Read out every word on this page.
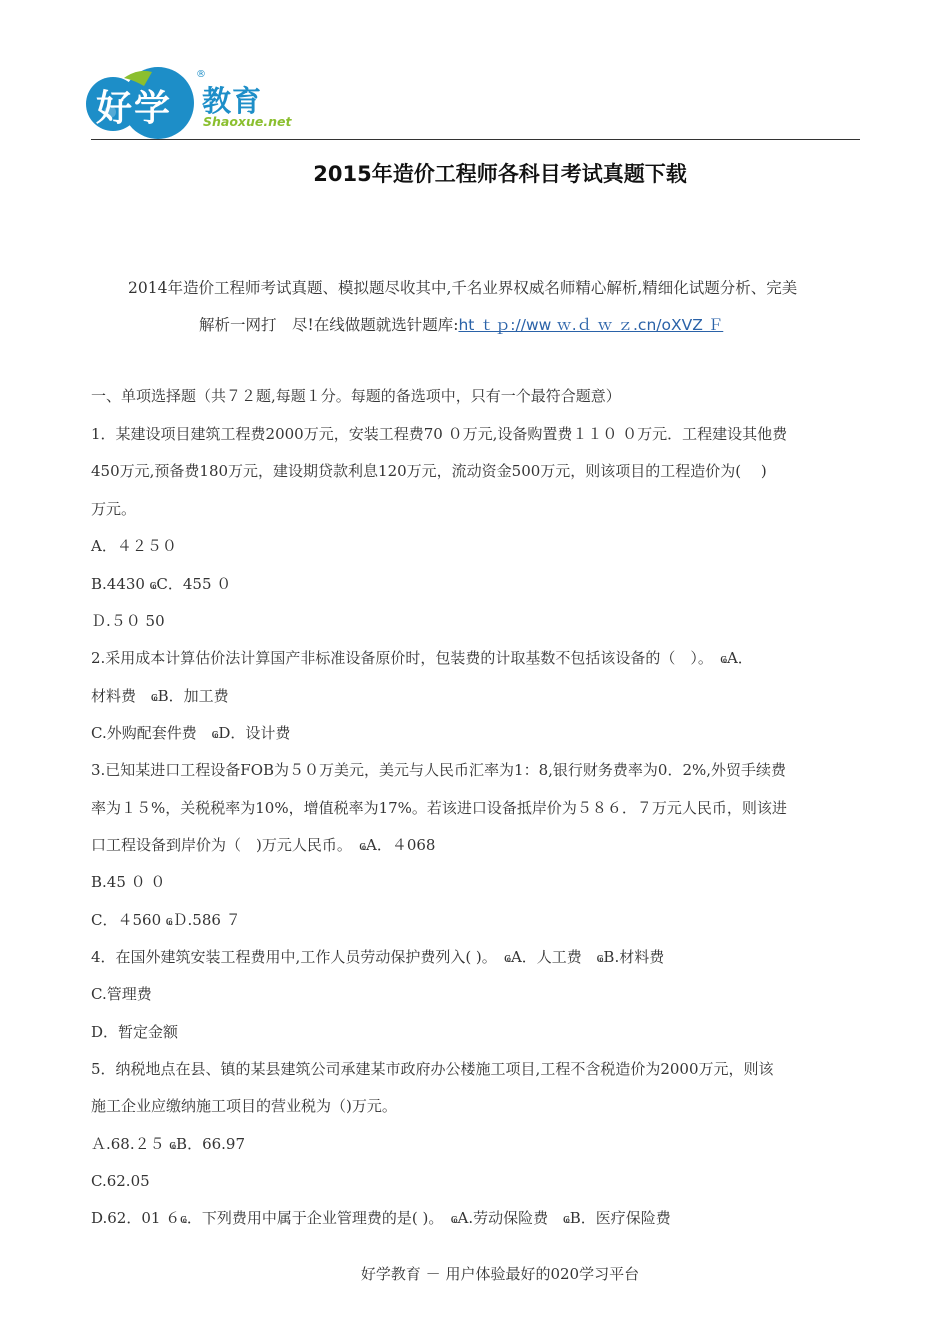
好学
®
教育
Shaoxue.net
2015年造价工程师各科目考试真题下载
2014年造价工程师考试真题、模拟题尽收其中,千名业界权威名师精心解析,精细化试题分析、完美
解析一网打　尽!在线做题就选针题库:ht ｔｐ://ww ｗ.ｄ ｗ ｚ.cn/oXVZ Ｆ
一、单项选择题（共７２题,每题１分。每题的备选项中，只有一个最符合题意）
1．某建设项目建筑工程费2000万元，安装工程费70 ０万元,设备购置费１１０ ０万元．工程建设其他费
450万元,预备费180万元，建设期贷款利息120万元，流动资金500万元，则该项目的工程造价为(　 )
万元。
A．４２５０
B.4430 ҩC．455 ０
Ｄ.５０ 50
2.采用成本计算估价法计算国产非标准设备原价时，包装费的计取基数不包括该设备的（　）。　ҩA．
材料费　ҩB．加工费
C.外购配套件费　ҩD．设计费
3.已知某进口工程设备FOB为５０万美元，美元与人民币汇率为1：8,银行财务费率为0．2%,外贸手续费
率为１５%，关税税率为10%，增值税率为17%。若该进口设备抵岸价为５８６．７万元人民币，则该进
口工程设备到岸价为（　)万元人民币。　ҩA．４068
B.45 ０ ０
C．４560 ҩＤ.586 ７
4．在国外建筑安装工程费用中,工作人员劳动保护费列入( )。　ҩA．人工费　ҩB.材料费
C.管理费
D．暂定金额
5．纳税地点在县、镇的某县建筑公司承建某市政府办公楼施工项目,工程不含税造价为2000万元，则该
施工企业应缴纳施工项目的营业税为（)万元。
Ａ.68.２５ ҩB．66.97
C.62.05
D.62．01 ６ҩ．下列费用中属于企业管理费的是( )。　ҩA.劳动保险费　ҩB．医疗保险费
好学教育 － 用户体验最好的020学习平台
